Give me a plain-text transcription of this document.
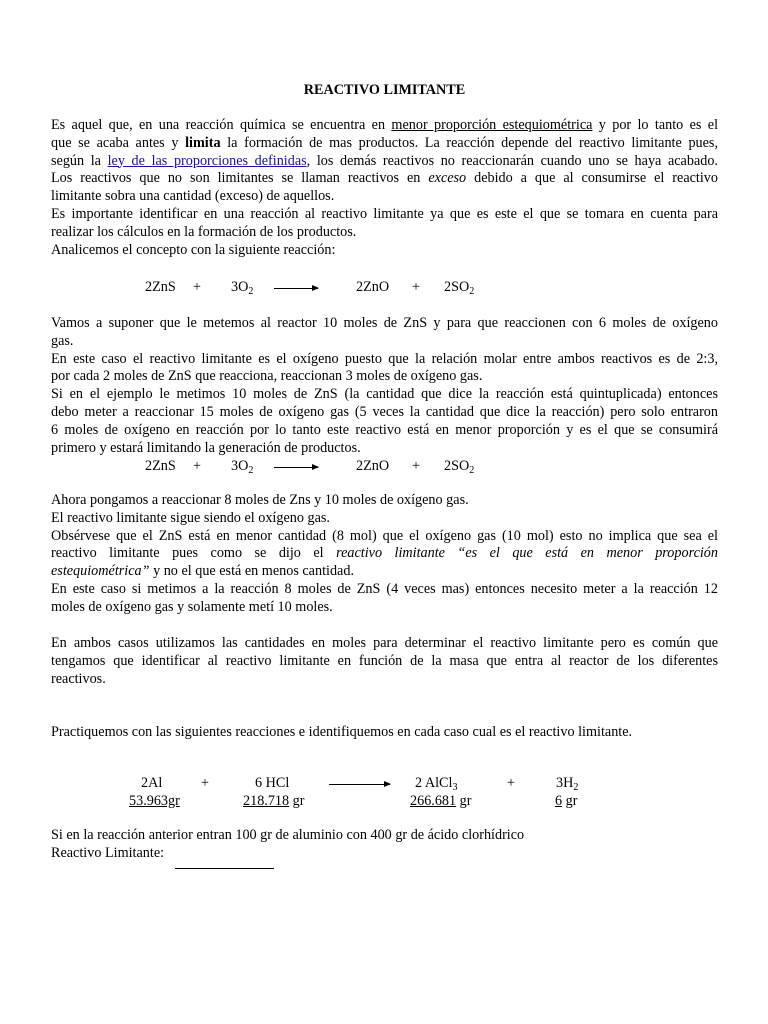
REACTIVO LIMITANTE
Es aquel que, en una reacción química se encuentra en menor proporción estequiométrica y por lo tanto es el
que se acaba antes y limita la formación de mas productos. La reacción depende del reactivo limitante pues,
según la ley de las proporciones definidas, los demás reactivos no reaccionarán cuando uno se haya acabado.
Los reactivos que no son limitantes se llaman reactivos en exceso debido a que al consumirse el reactivo
limitante sobra una cantidad (exceso) de aquellos.
Es importante identificar en una reacción al reactivo limitante ya que es este el que se tomara en cuenta para
realizar los cálculos en la formación de los productos.
Analicemos el concepto con la siguiente reacción:
$2ZnS + 3O_2$ →	$2ZnO + 2SO_2$
Vamos a suponer que le metemos al reactor 10 moles de ZnS y para que reaccionen con 6 moles de oxígeno
gas.
En este caso el reactivo limitante es el oxígeno puesto que la relación molar entre ambos reactivos es de 2:3,
por cada 2 moles de ZnS que reacciona, reaccionan 3 moles de oxígeno gas.
Si en el ejemplo le metimos 10 moles de ZnS (la cantidad que dice la reacción está quintuplicada) entonces
debo meter a reaccionar 15 moles de oxígeno gas (5 veces la cantidad que dice la reacción) pero solo entraron
6 moles de oxígeno en reacción por lo tanto este reactivo está en menor proporción y es el que se consumirá
primero y estará limitando la generación de productos.
$2ZnS + 3O_2$ →	$2ZnO + 2SO_2$
Ahora pongamos a reaccionar 8 moles de Zns y 10 moles de oxígeno gas.
El reactivo limitante sigue siendo el oxígeno gas.
Obsérvese que el ZnS está en menor cantidad (8 mol) que el oxígeno gas (10 mol) esto no implica que sea el
reactivo limitante pues como se dijo el reactivo limitante “es el que está en menor proporción
estequiométrica” y no el que está en menos cantidad.
En este caso si metimos a la reacción 8 moles de ZnS (4 veces mas) entonces necesito meter a la reacción 12
moles de oxígeno gas y solamente metí 10 moles.
En ambos casos utilizamos las cantidades en moles para determinar el reactivo limitante pero es común que
tengamos que identificar al reactivo limitante en función de la masa que entra al reactor de los diferentes
reactivos.
Practiquemos con las siguientes reacciones e identifiquemos en cada caso cual es el reactivo limitante.
2Al	+	6 HCl	2 AlCl$_3$	+	$3H_2$
53.963gr	218.718 gr	266.681 gr	6 gr
Si en la reacción anterior entran 100 gr de aluminio con 400 gr de ácido clorhídrico
Reactivo Limitante:
